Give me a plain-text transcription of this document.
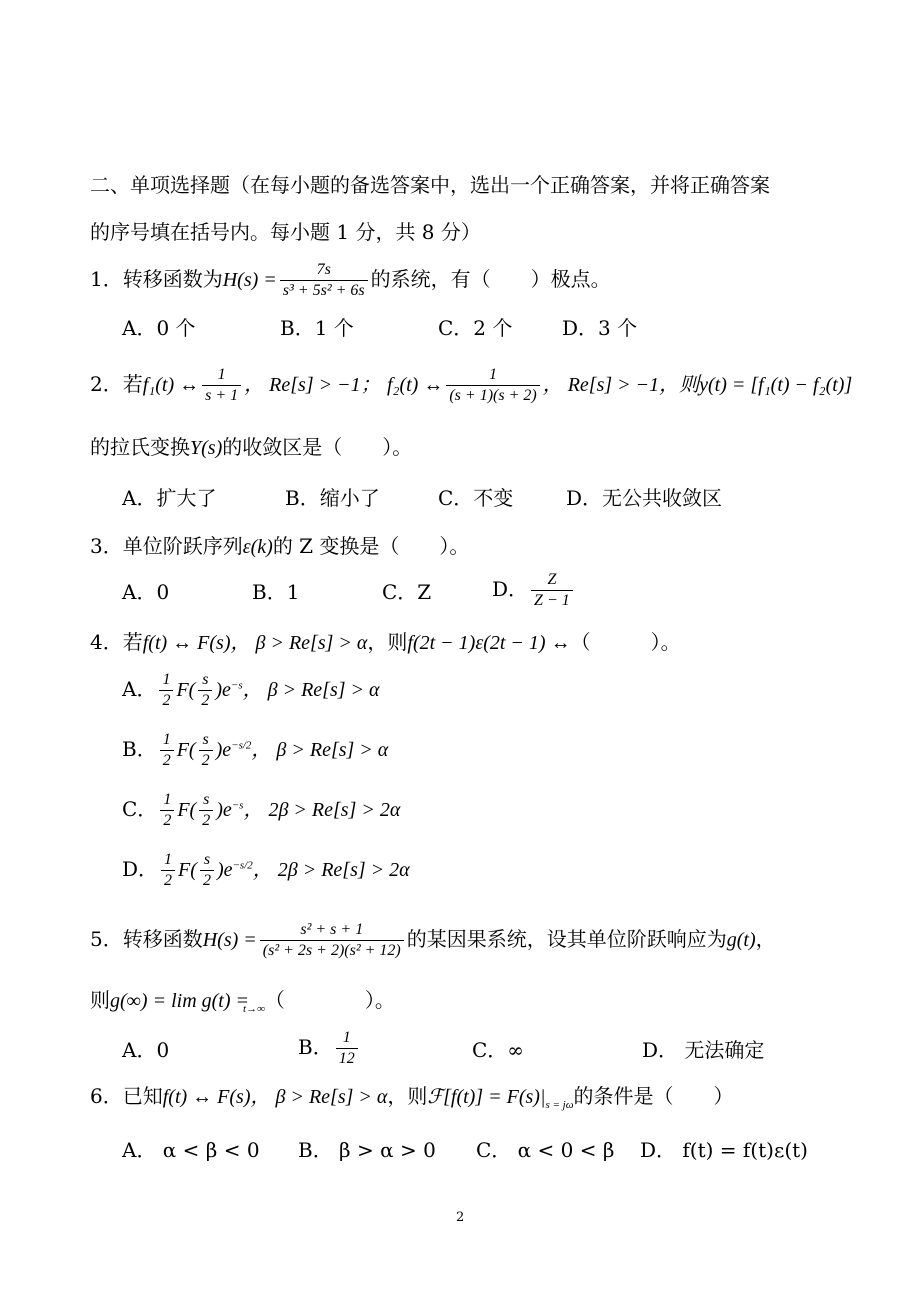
二、单项选择题（在每小题的备选答案中，选出一个正确答案，并将正确答案
的序号填在括号内。每小题 1 分，共 8 分）
1．转移函数为$H(s) = \frac{7s}{\text{s³ + 5s² + 6s}}$ 的系统，有（　　）极点。
A．0 个	B．1 个	C．2 个 D．3 个
2．若f₁(t) ↔ $\frac{1}{s + 1}$ ， Re[s] > −1； f₂(t) ↔ $\frac{1}{(s + 1)(s + 2)}$ ， Re[s] > −1，则y(t) = [f₁(t) − f₂(t)]
的拉氏变换Y(s)的收敛区是（　　）。
A．扩大了	B．缩小了	C．不变	D．无公共收敛区
3．单位阶跃序列ε(k)的 Z 变换是（　　）。
A．0	B．1	C．Z	D． $\frac{Z}{Z - 1}$
4．若f(t) ↔ F(s)， β > Re[s] > α，则f(2t − 1)ε(2t − 1) ↔（　　　）。
A． $\frac{1}{2} F( \frac{s}{2} )e^{-s}$， β > Re[s] > α
B． $\frac{1}{2} F( \frac{s}{2} )e^{-s/2}$， β > Re[s] > α
C． $\frac{1}{2} F( \frac{s}{2} )e^{-s}$， 2β > Re[s] > 2α
D． $\frac{1}{2} F( \frac{s}{2} )e^{-s/2}$， 2β > Re[s] > 2α
5．转移函数$H(s) = \frac{\text{s² + s + 1}}{\text{(s² + 2s + 2)(s² + 12)}}$ 的某因果系统，设其单位阶跃响应为g(t)，
则$g(\infty) = \lim g(t) =_{t\to\infty}$（　　　　）。
A．0	B． $\frac{1}{12}$	C．∞	D． 无法确定
6．已知f(t) ↔ F(s)， β > Re[s] > α，则ℱ[f(t)] = $F(s)|_{s = j\omega}$的条件是（　　）
A． α < β < 0 B． β > α > 0 C． α < 0 < β D． f(t) = f(t)ε(t)
2
